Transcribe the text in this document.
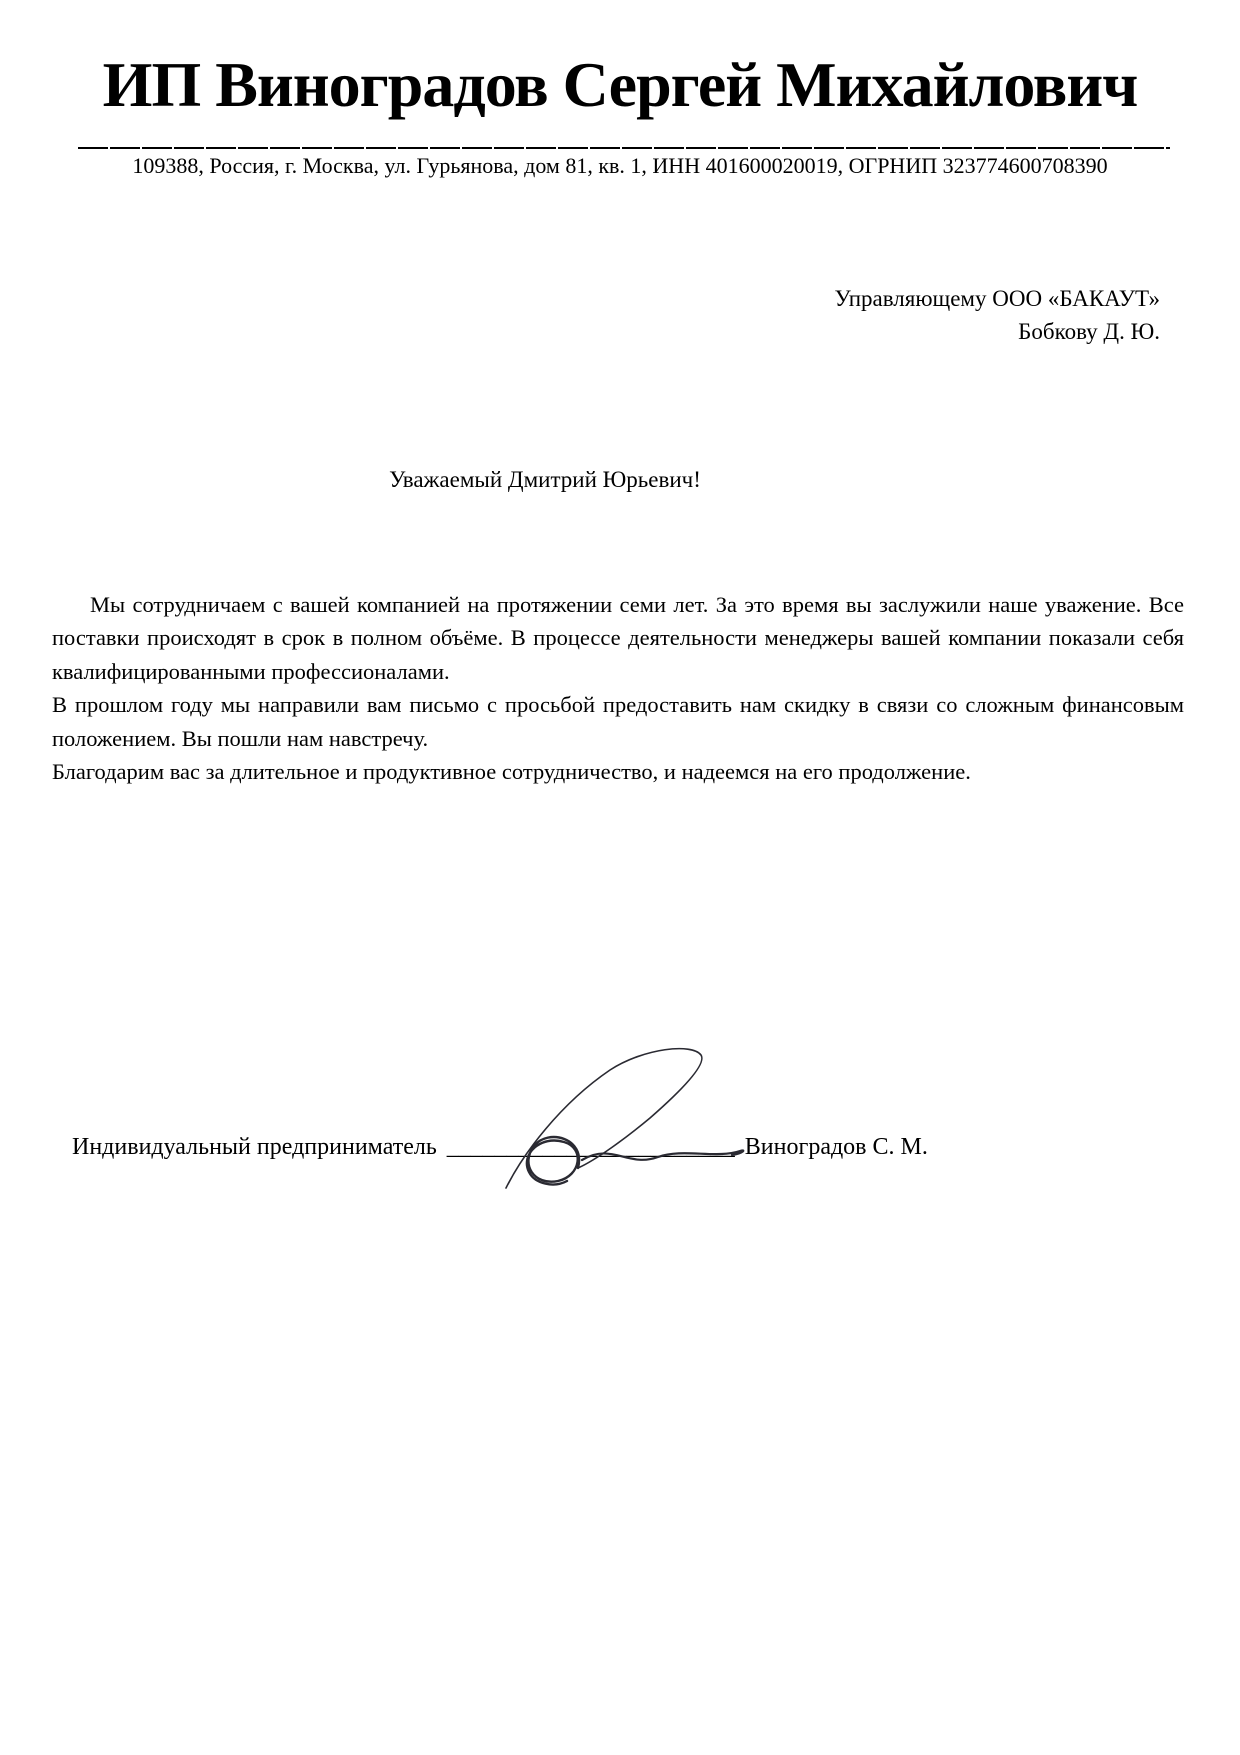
ИП Виноградов Сергей Михайлович
109388, Россия, г. Москва, ул. Гурьянова, дом 81, кв. 1, ИНН 401600020019, ОГРНИП 323774600708390
Управляющему ООО «БАКАУТ»
Бобкову Д. Ю.
Уважаемый Дмитрий Юрьевич!

Мы сотрудничаем с вашей компанией на протяжении семи лет. За это время вы заслужили наше уважение. Все поставки происходят в срок в полном объёме. В процессе деятельности менеджеры вашей компании показали себя квалифицированными профессионалами.

В прошлом году мы направили вам письмо с просьбой предоставить нам скидку в связи со сложным финансовым положением. Вы пошли нам навстречу.

Благодарим вас за длительное и продуктивное сотрудничество, и надеемся на его продолжение.

Индивидуальный предприниматель ________________________ Виноградов С. М.
